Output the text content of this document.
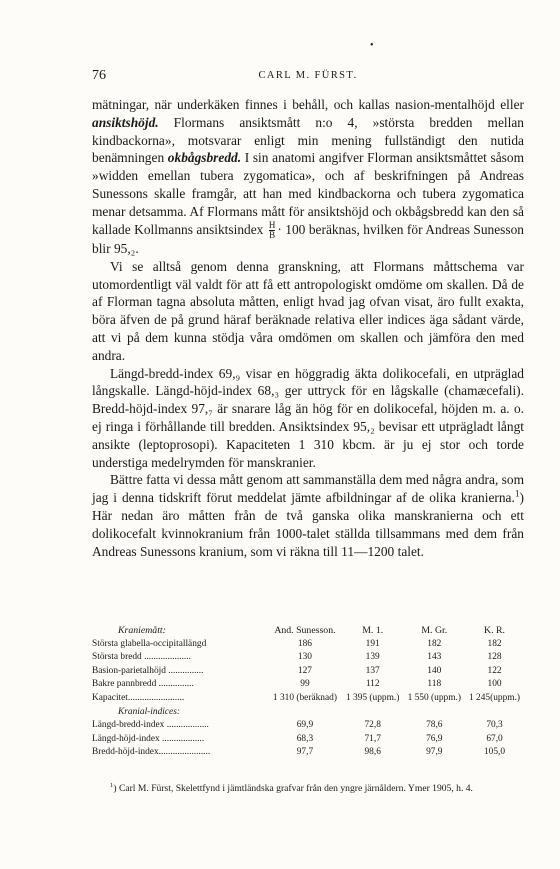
•
76	CARL M. FÜRST.

mätningar, när underkäken finnes i behåll, och kallas nasion-mentalhöjd eller ansiktshöjd. Flormans ansiktsmått n:o 4, »största bredden mellan kindbackorna», motsvarar enligt min mening fullständigt den nutida benämningen okbågsbredd. I sin anatomi angifver Florman ansiktsmåttet såsom »widden emellan tubera zygomatica», och af beskrifningen på Andreas Sunessons skalle framgår, att han med kindbackorna och tubera zygomatica menar detsamma. Af Flormans mått för ansiktshöjd och okbågsbredd kan den så kallade Kollmanns ansiktsindex $\frac{H}{B} \cdot 100$ beräknas, hvilken för Andreas Sunesson blir 95,₂.

Vi se alltså genom denna granskning, att Flormans måttschema var utomordentligt väl valdt för att få ett antropologiskt omdöme om skallen. Då de af Florman tagna absoluta måtten, enligt hvad jag ofvan visat, äro fullt exakta, böra äfven de på grund häraf beräknade relativa eller indices äga sådant värde, att vi på dem kunna stödja våra omdömen om skallen och jämföra den med andra.

Längd-bredd-index 69,₉ visar en höggradig äkta dolikocefali, en utpräglad långskalle. Längd-höjd-index 68,₃ ger uttryck för en lågskalle (chamæcefali). Bredd-höjd-index 97,₇ är snarare låg än hög för en dolikocefal, höjden m. a. o. ej ringa i förhållande till bredden. Ansiktsindex 95,₂ bevisar ett utprägladt långt ansikte (leptoprosopi). Kapaciteten 1 310 kbcm. är ju ej stor och torde understiga medelrymden för manskranier.

Bättre fatta vi dessa mått genom att sammanställa dem med några andra, som jag i denna tidskrift förut meddelat jämte afbildningar af de olika kranierna.$^1$) Här nedan äro måtten från de två ganska olika manskranierna och ett dolikocefalt kvinnokranium från 1000-talet ställda tillsammans med dem från Andreas Sunessons kranium, som vi räkna till 11—1200 talet.

Kraniemått:	And. Sunesson.	M. 1.	M. Gr.	K. R.
Största glabella-occipitallängd	186	191	182	182
Största bredd ....................	130	139	143	128
Basion-parietalhöjd ...............	127	137	140	122
Bakre pannbredd ...............	99	112	118	100
Kapacitet........................	1 310 (beräknad)	1 395 (uppm.)	1 550 (uppm.)	1 245(uppm.)
Kranial-indices:				
Längd-bredd-index ..................	69,9	72,8	78,6	70,3
Längd-höjd-index ..................	68,3	71,7	76,9	67,0
Bredd-höjd-index......................	97,7	98,6	97,9	105,0

$^1$) Carl M. Fürst, Skelettfynd i jämtländska grafvar från den yngre järnåldern. Ymer 1905, h. 4.
